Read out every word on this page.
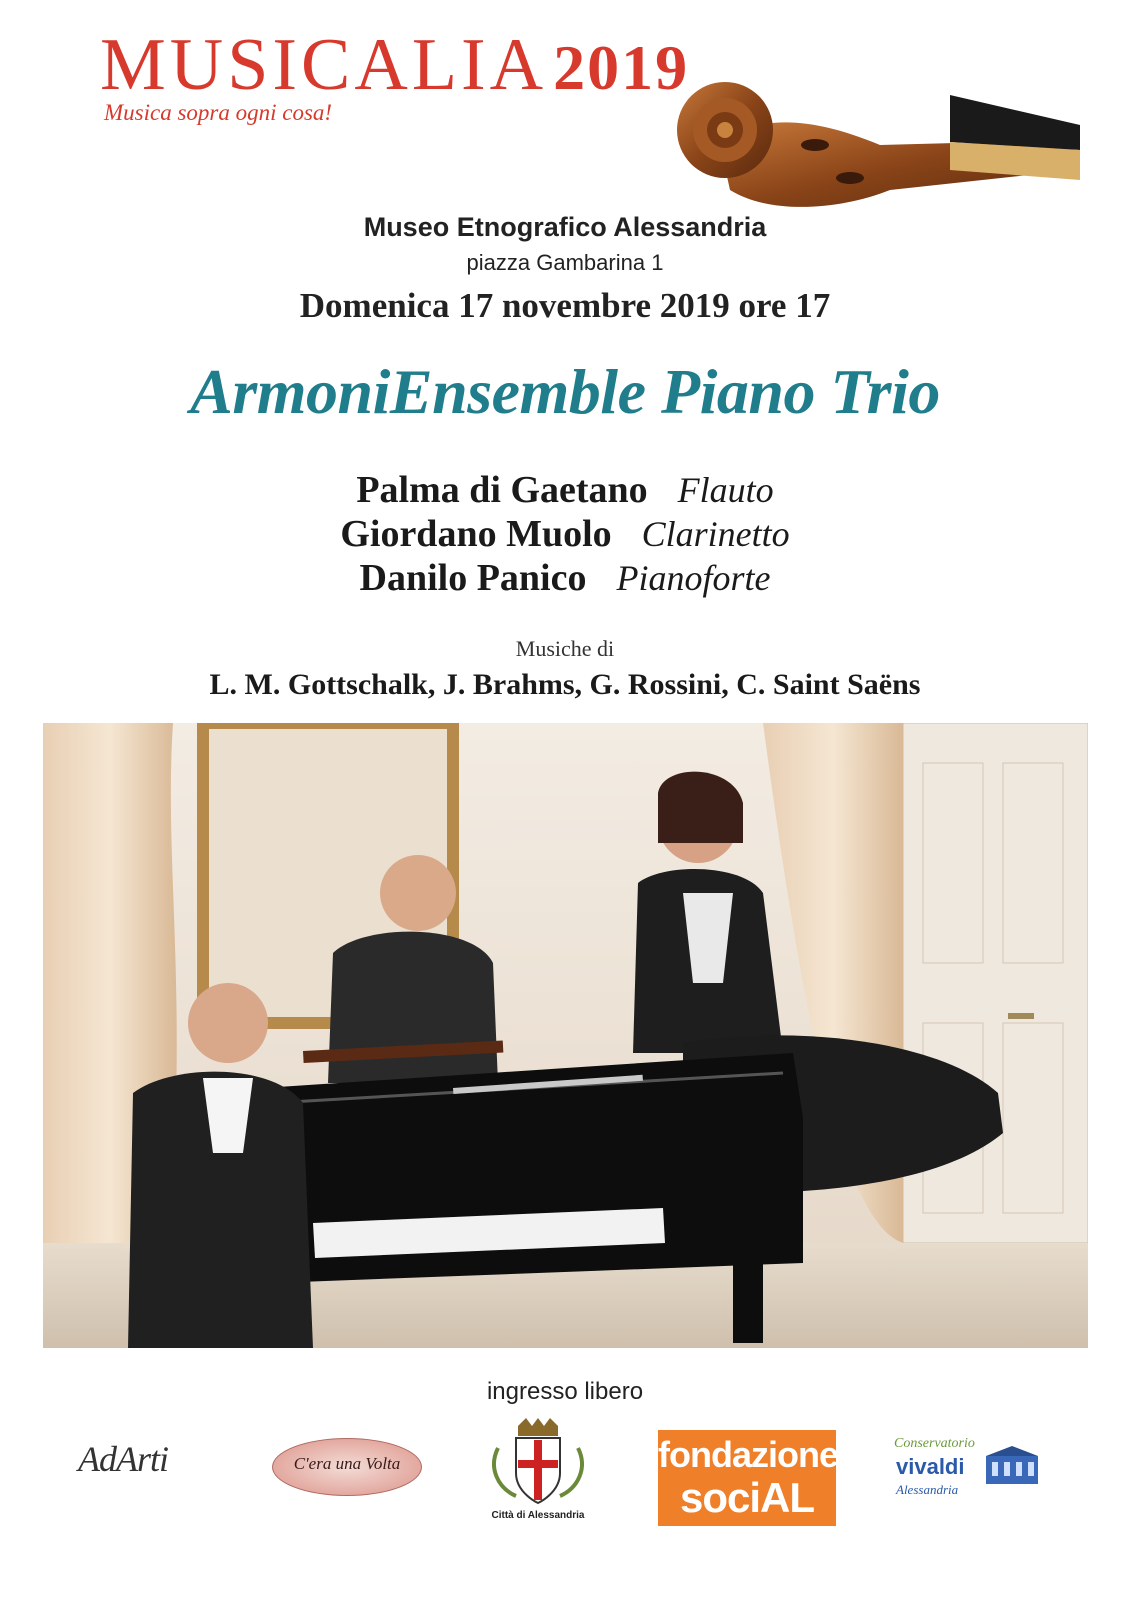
MUSICALIA2019
Musica sopra ogni cosa!
Museo Etnografico Alessandria
piazza Gambarina 1
Domenica 17 novembre 2019 ore 17
ArmoniEnsemble Piano Trio
Palma di Gaetano Flauto
Giordano Muolo Clarinetto
Danilo Panico Pianoforte
Musiche di
L. M. Gottschalk, J. Brahms, G. Rossini, C. Saint Saëns
ingresso libero
AdArti	C'era una Volta
Città di Alessandria
fondazione
sociAL
Conservatorio
vivaldi
Alessandria
